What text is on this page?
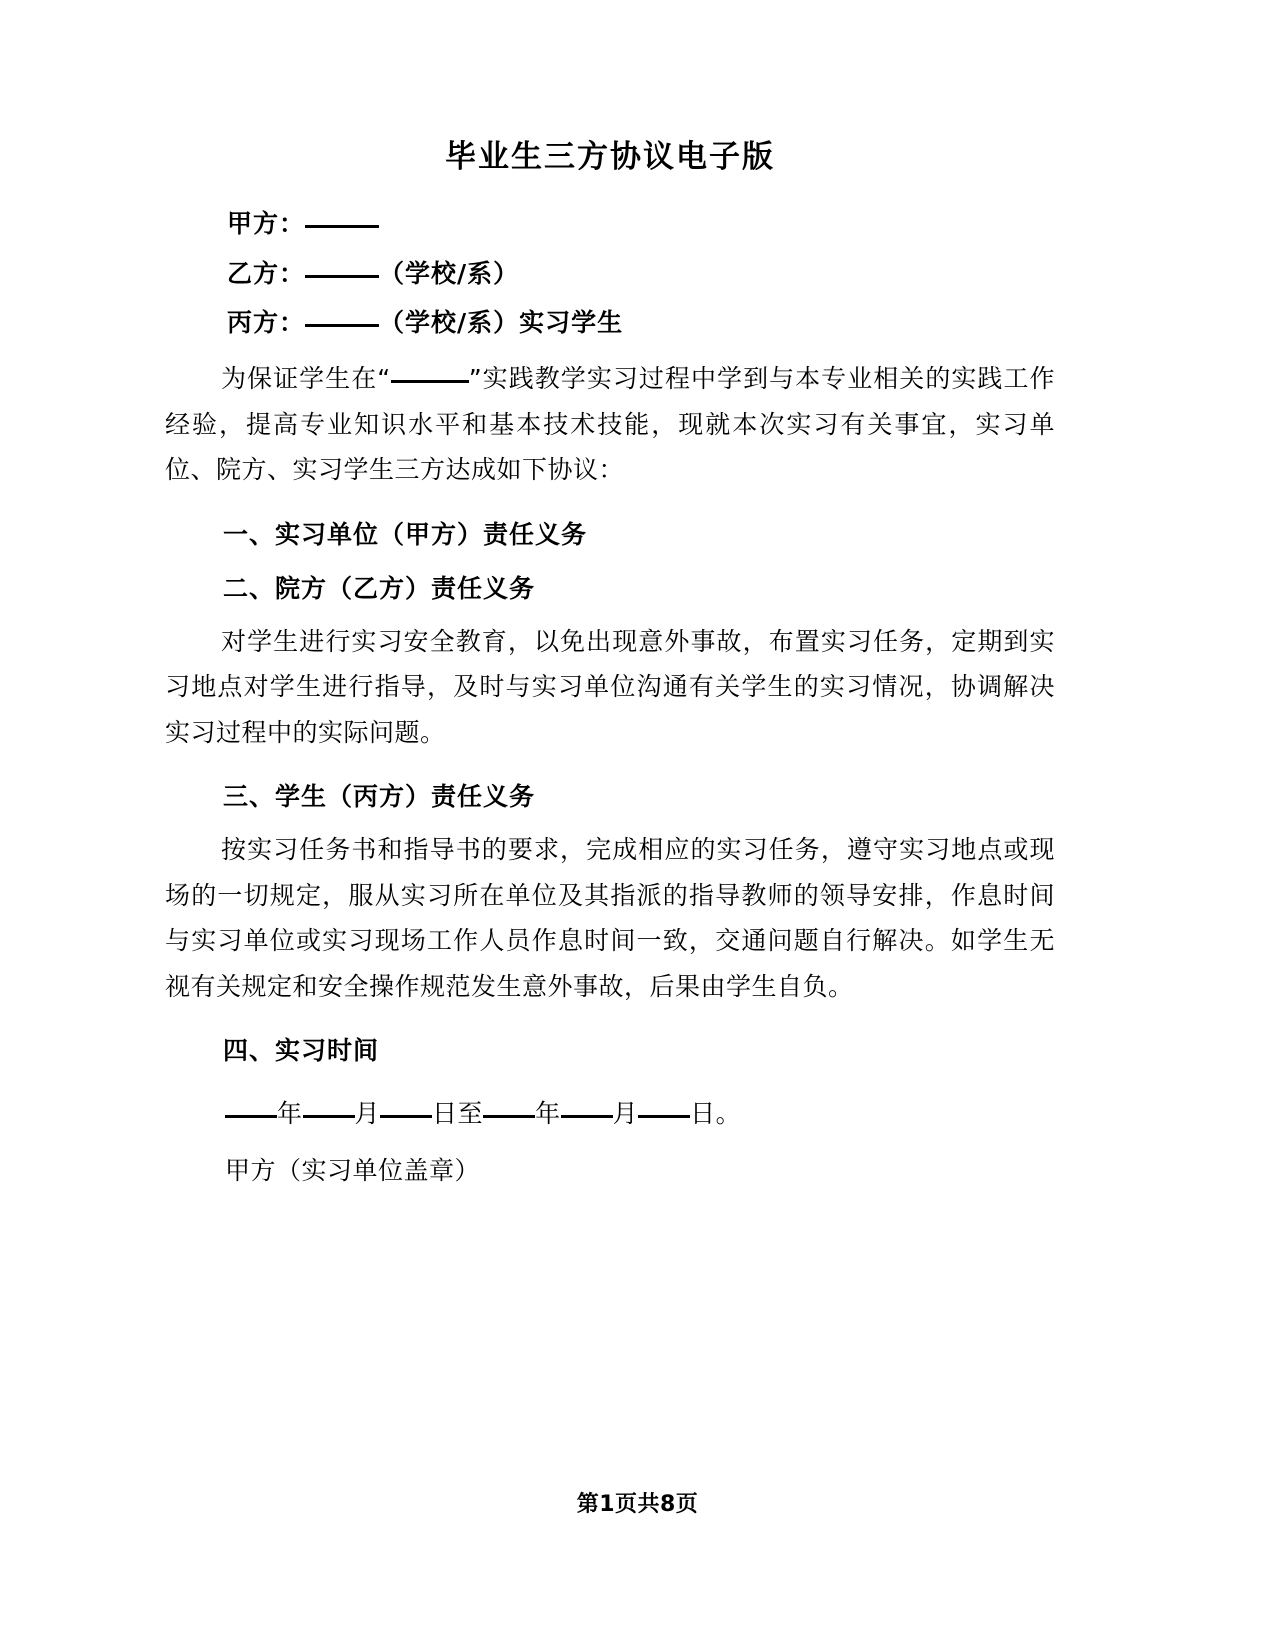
毕业生三方协议电子版

甲方：

乙方：	（学校/系）

丙方：	（学校/系）实习学生

为保证学生在“	”实践教学实习过程中学到与本专业相关的实践工作经验，提高专业知识水平和基本技术技能，现就本次实习有关事宜，实习单位、院方、实习学生三方达成如下协议：

一、实习单位（甲方）责任义务
二、院方（乙方）责任义务

对学生进行实习安全教育，以免出现意外事故，布置实习任务，定期到实习地点对学生进行指导，及时与实习单位沟通有关学生的实习情况，协调解决实习过程中的实际问题。

三、学生（丙方）责任义务

按实习任务书和指导书的要求，完成相应的实习任务，遵守实习地点或现场的一切规定，服从实习所在单位及其指派的指导教师的领导安排，作息时间与实习单位或实习现场工作人员作息时间一致，交通问题自行解决。如学生无视有关规定和安全操作规范发生意外事故，后果由学生自负。

四、实习时间

年 月 日至 年 月 日。

甲方（实习单位盖章）

第1页共8页
